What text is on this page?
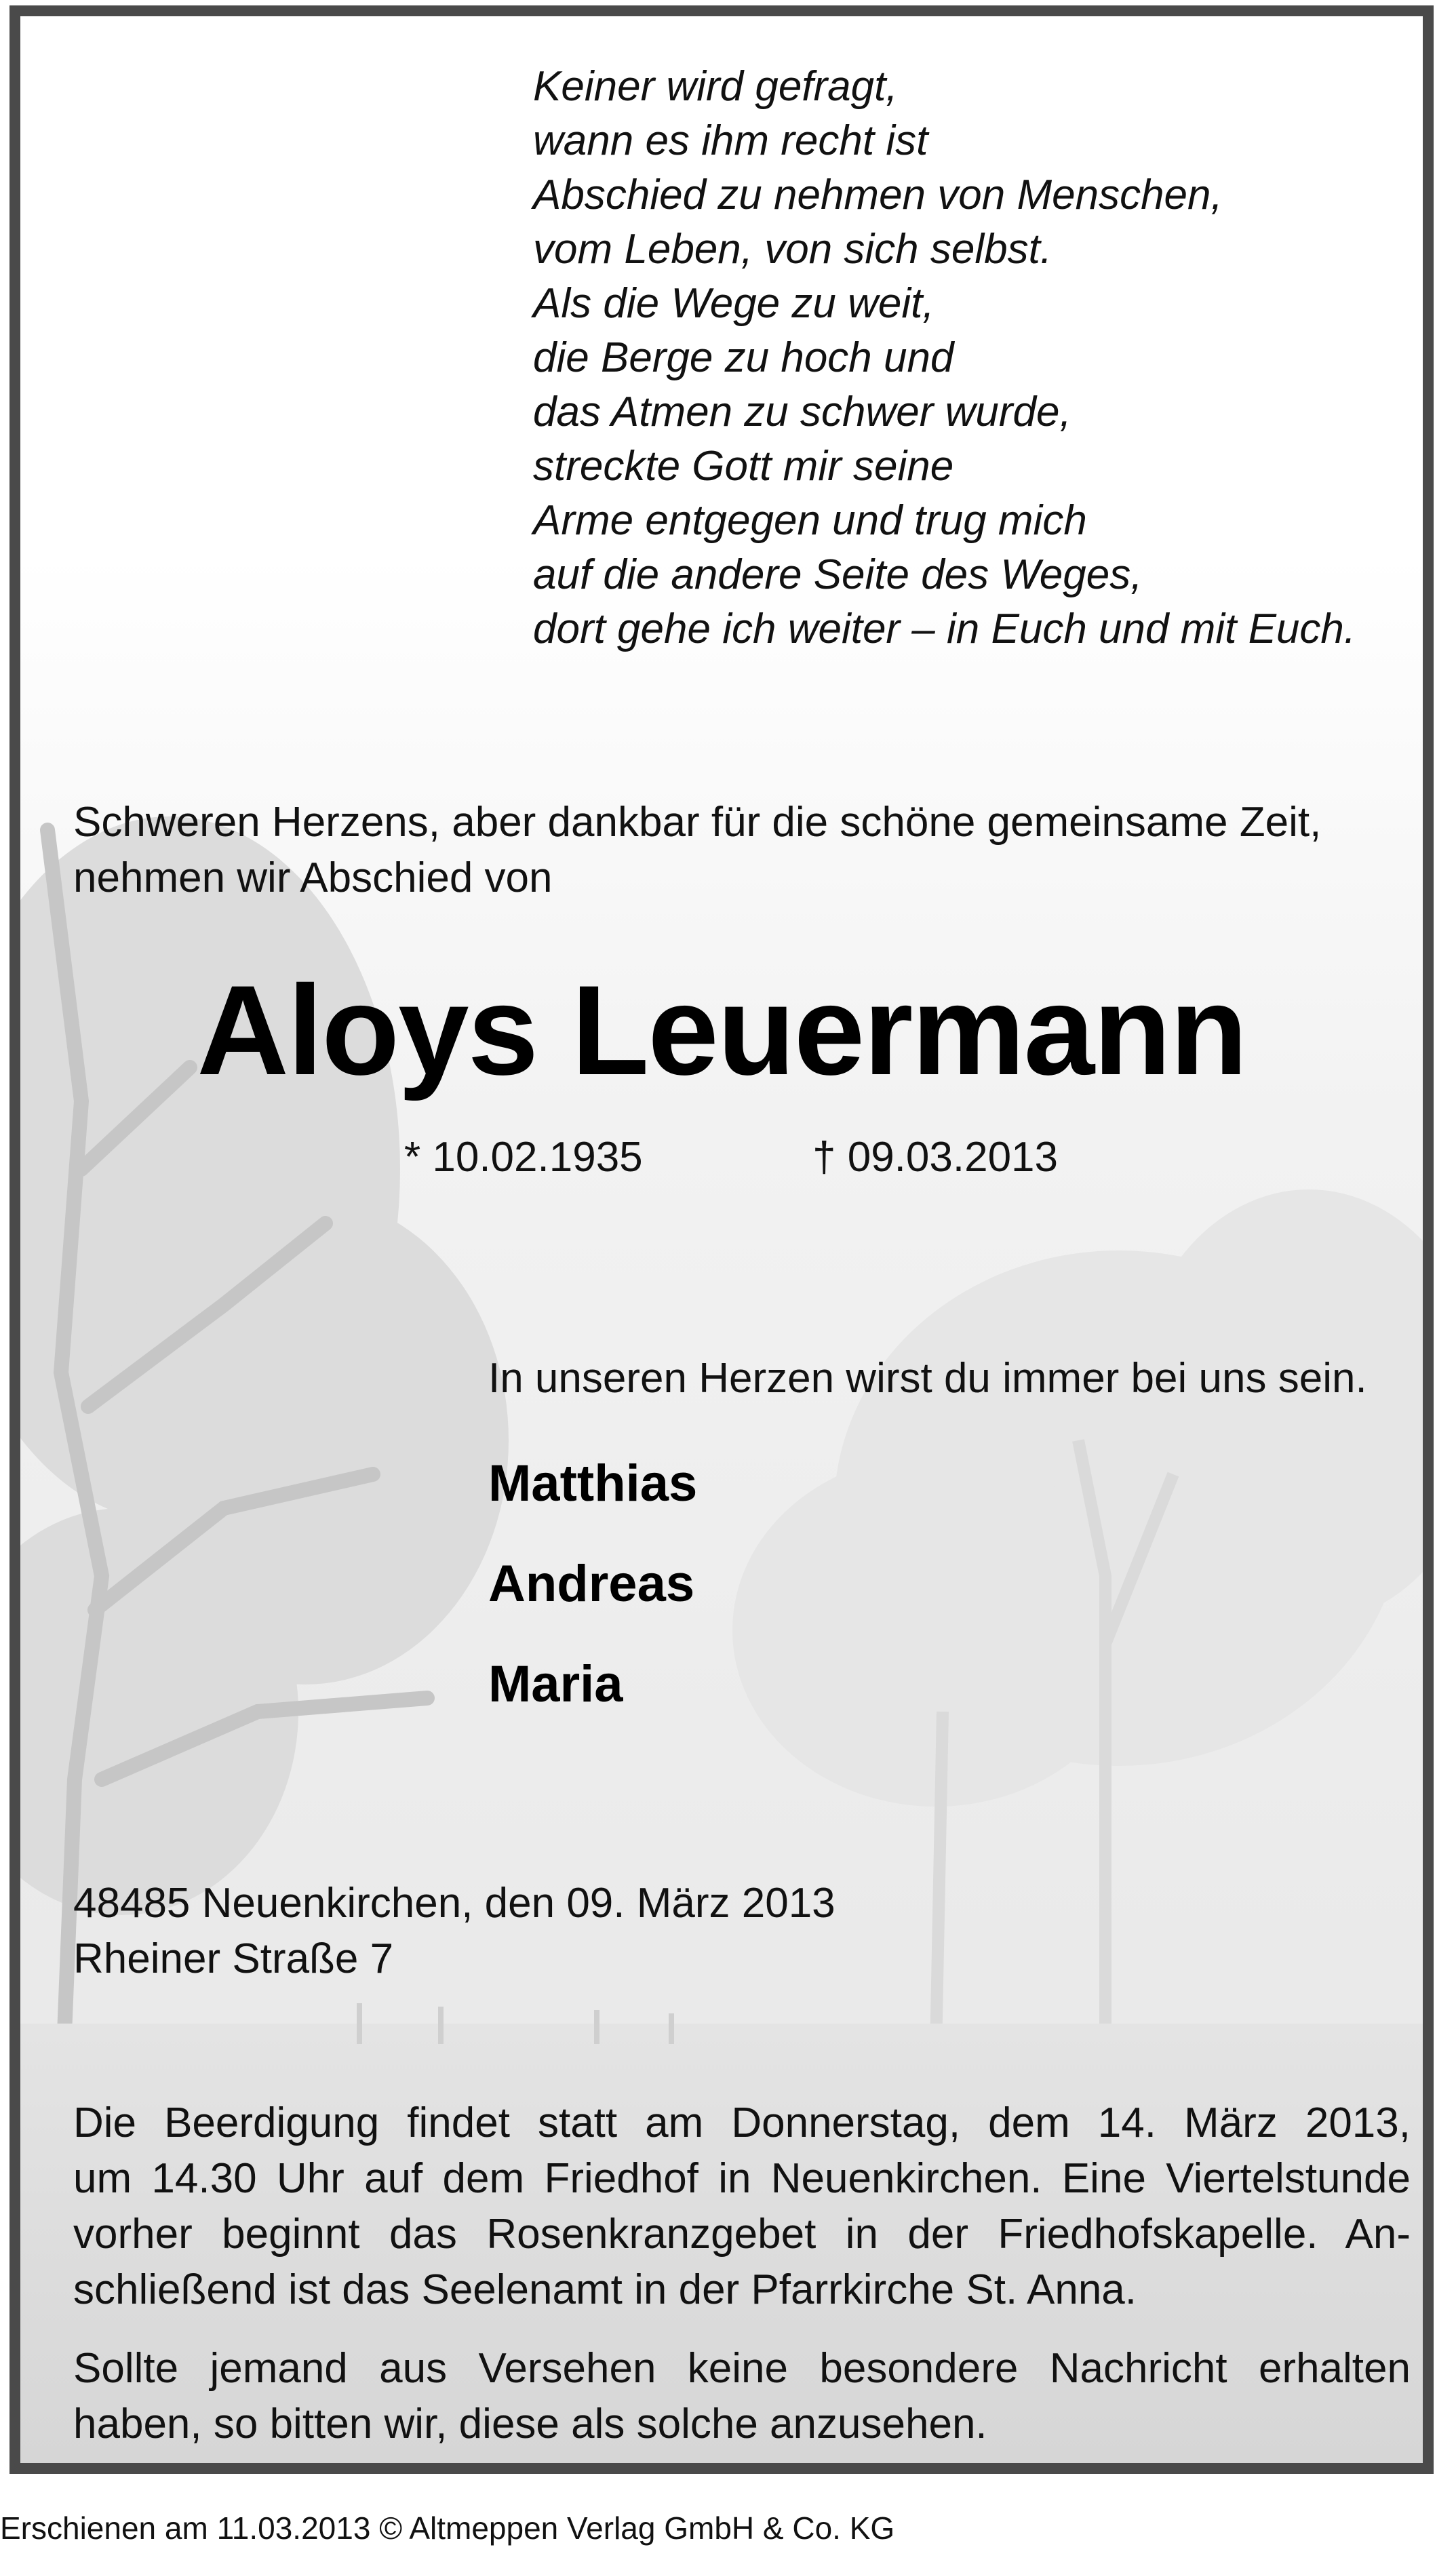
Keiner wird gefragt,
wann es ihm recht ist
Abschied zu nehmen von Menschen,
vom Leben, von sich selbst.
Als die Wege zu weit,
die Berge zu hoch und
das Atmen zu schwer wurde,
streckte Gott mir seine
Arme entgegen und trug mich
auf die andere Seite des Weges,
dort gehe ich weiter – in Euch und mit Euch.
Schweren Herzens, aber dankbar für die schöne gemeinsame Zeit,
nehmen wir Abschied von
Aloys Leuermann
* 10.02.1935	† 09.03.2013
In unseren Herzen wirst du immer bei uns sein.
Matthias
Andreas
Maria
48485 Neuenkirchen, den 09. März 2013
Rheiner Straße 7
Die Beerdigung findet statt am Donnerstag, dem 14. März 2013,
um 14.30 Uhr auf dem Friedhof in Neuenkirchen. Eine Viertelstunde
vorher beginnt das Rosenkranzgebet in der Friedhofskapelle. An-
schließend ist das Seelenamt in der Pfarrkirche St. Anna.
Sollte jemand aus Versehen keine besondere Nachricht erhalten
haben, so bitten wir, diese als solche anzusehen.
Erschienen am 11.03.2013 © Altmeppen Verlag GmbH & Co. KG
